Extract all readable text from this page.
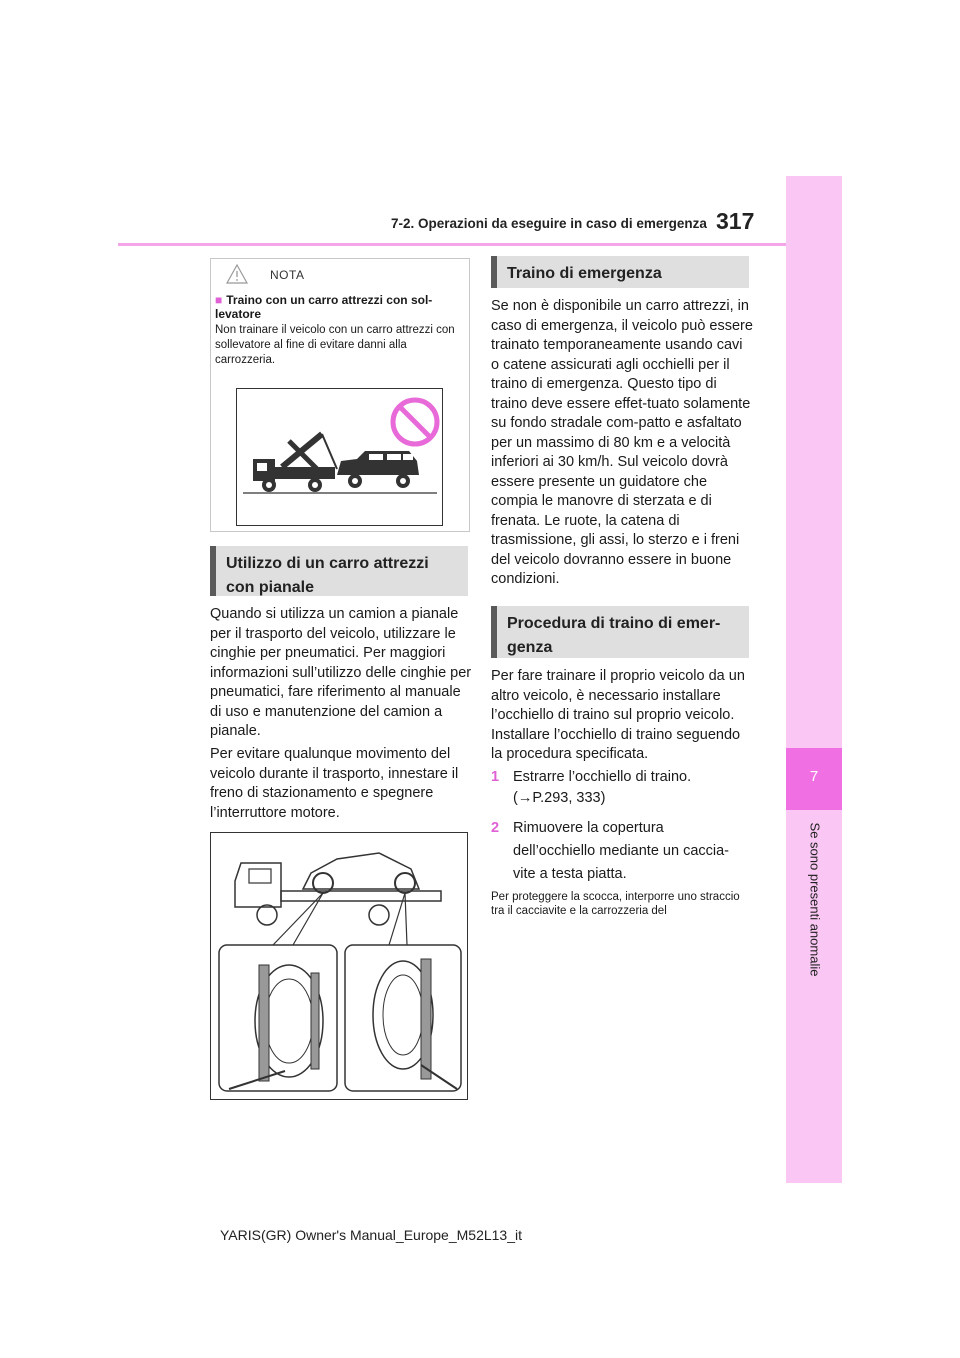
7-2. Operazioni da eseguire in caso di emergenza 317
7
Se sono presenti anomalie
NOTA
■ Traino con un carro attrezzi con sol-levatore
Non trainare il veicolo con un carro attrezzi con sollevatore al fine di evitare danni alla carrozzeria.
Utilizzo di un carro attrezzi con pianale
Quando si utilizza un camion a pianale per il trasporto del veicolo, utilizzare le cinghie per pneumatici. Per maggiori informazioni sull’utilizzo delle cinghie per pneumatici, fare riferimento al manuale di uso e manutenzione del camion a pianale.
Per evitare qualunque movimento del veicolo durante il trasporto, innestare il freno di stazionamento e spegnere l’interruttore motore.
Traino di emergenza
Se non è disponibile un carro attrezzi, in caso di emergenza, il veicolo può essere trainato temporaneamente usando cavi o catene assicurati agli occhielli per il traino di emergenza. Questo tipo di traino deve essere effet-tuato solamente su fondo stradale com-patto e asfaltato per un massimo di 80 km e a velocità inferiori ai 30 km/h. Sul veicolo dovrà essere presente un guidatore che compia le manovre di sterzata e di frenata. Le ruote, la catena di trasmissione, gli assi, lo sterzo e i freni del veicolo dovranno essere in buone condizioni.
Procedura di traino di emer-genza
Per fare trainare il proprio veicolo da un altro veicolo, è necessario installare l’occhiello di traino sul proprio veicolo. Installare l’occhiello di traino seguendo la procedura specificata.
1 Estrarre l’occhiello di traino.
(→P.293, 333)
2 Rimuovere la copertura dell’occhiello mediante un caccia-vite a testa piatta.
Per proteggere la scocca, interporre uno straccio tra il cacciavite e la carrozzeria del
YARIS(GR) Owner's Manual_Europe_M52L13_it
